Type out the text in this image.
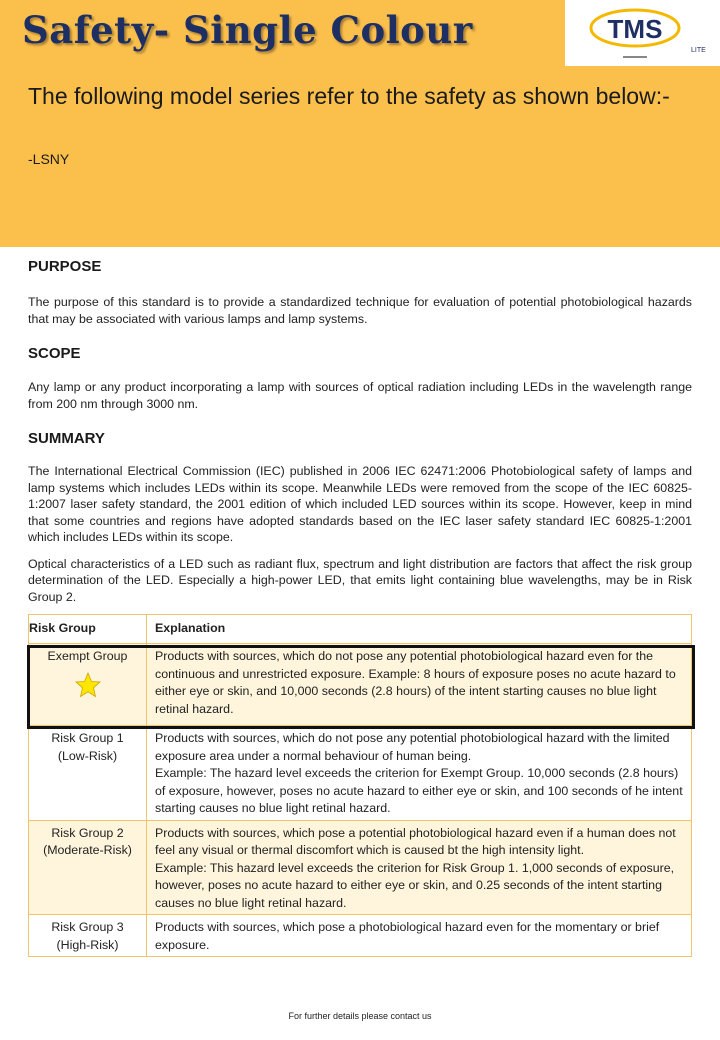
Safety- Single Colour	TMS
LITE

The following model series refer to the safety as shown below:-

-LSNY
PURPOSE

The purpose of this standard is to provide a standardized technique for evaluation of potential photobiological hazards that may be associated with various lamps and lamp systems.

SCOPE

Any lamp or any product incorporating a lamp with sources of optical radiation including LEDs in the wavelength range from 200 nm through 3000 nm.

SUMMARY

The International Electrical Commission (IEC) published in 2006 IEC 62471:2006 Photobiological safety of lamps and lamp systems which includes LEDs within its scope. Meanwhile LEDs were removed from the scope of the IEC 60825-1:2007 laser safety standard, the 2001 edition of which included LED sources within its scope. However, keep in mind that some countries and regions have adopted standards based on the IEC laser safety standard IEC 60825-1:2001 which includes LEDs within its scope.

Optical characteristics of a LED such as radiant flux, spectrum and light distribution are factors that affect the risk group determination of the LED. Especially a high-power LED, that emits light containing blue wavelengths, may be in Risk Group 2.

Risk Group	Explanation

Exempt Group	Products with sources, which do not pose any potential photobiological hazard even for the continuous and unrestricted exposure. Example: 8 hours of exposure poses no acute hazard to either eye or skin, and 10,000 seconds (2.8 hours) of the intent starting causes no blue light retinal hazard.

Risk Group 1
(Low-Risk)	Products with sources, which do not pose any potential photobiological hazard with the limited exposure area under a normal behaviour of human being.
Example: The hazard level exceeds the criterion for Exempt Group. 10,000 seconds (2.8 hours) of exposure, however, poses no acute hazard to either eye or skin, and 100 seconds of he intent starting causes no blue light retinal hazard.

Risk Group 2
(Moderate-Risk)	Products with sources, which pose a potential photobiological hazard even if a human does not feel any visual or thermal discomfort which is caused bt the high intensity light.
Example: This hazard level exceeds the criterion for Risk Group 1. 1,000 seconds of exposure, however, poses no acute hazard to either eye or skin, and 0.25 seconds of the intent starting causes no blue light retinal hazard.

Risk Group 3
(High-Risk)	Products with sources, which pose a photobiological hazard even for the momentary or brief exposure.
For further details please contact us
